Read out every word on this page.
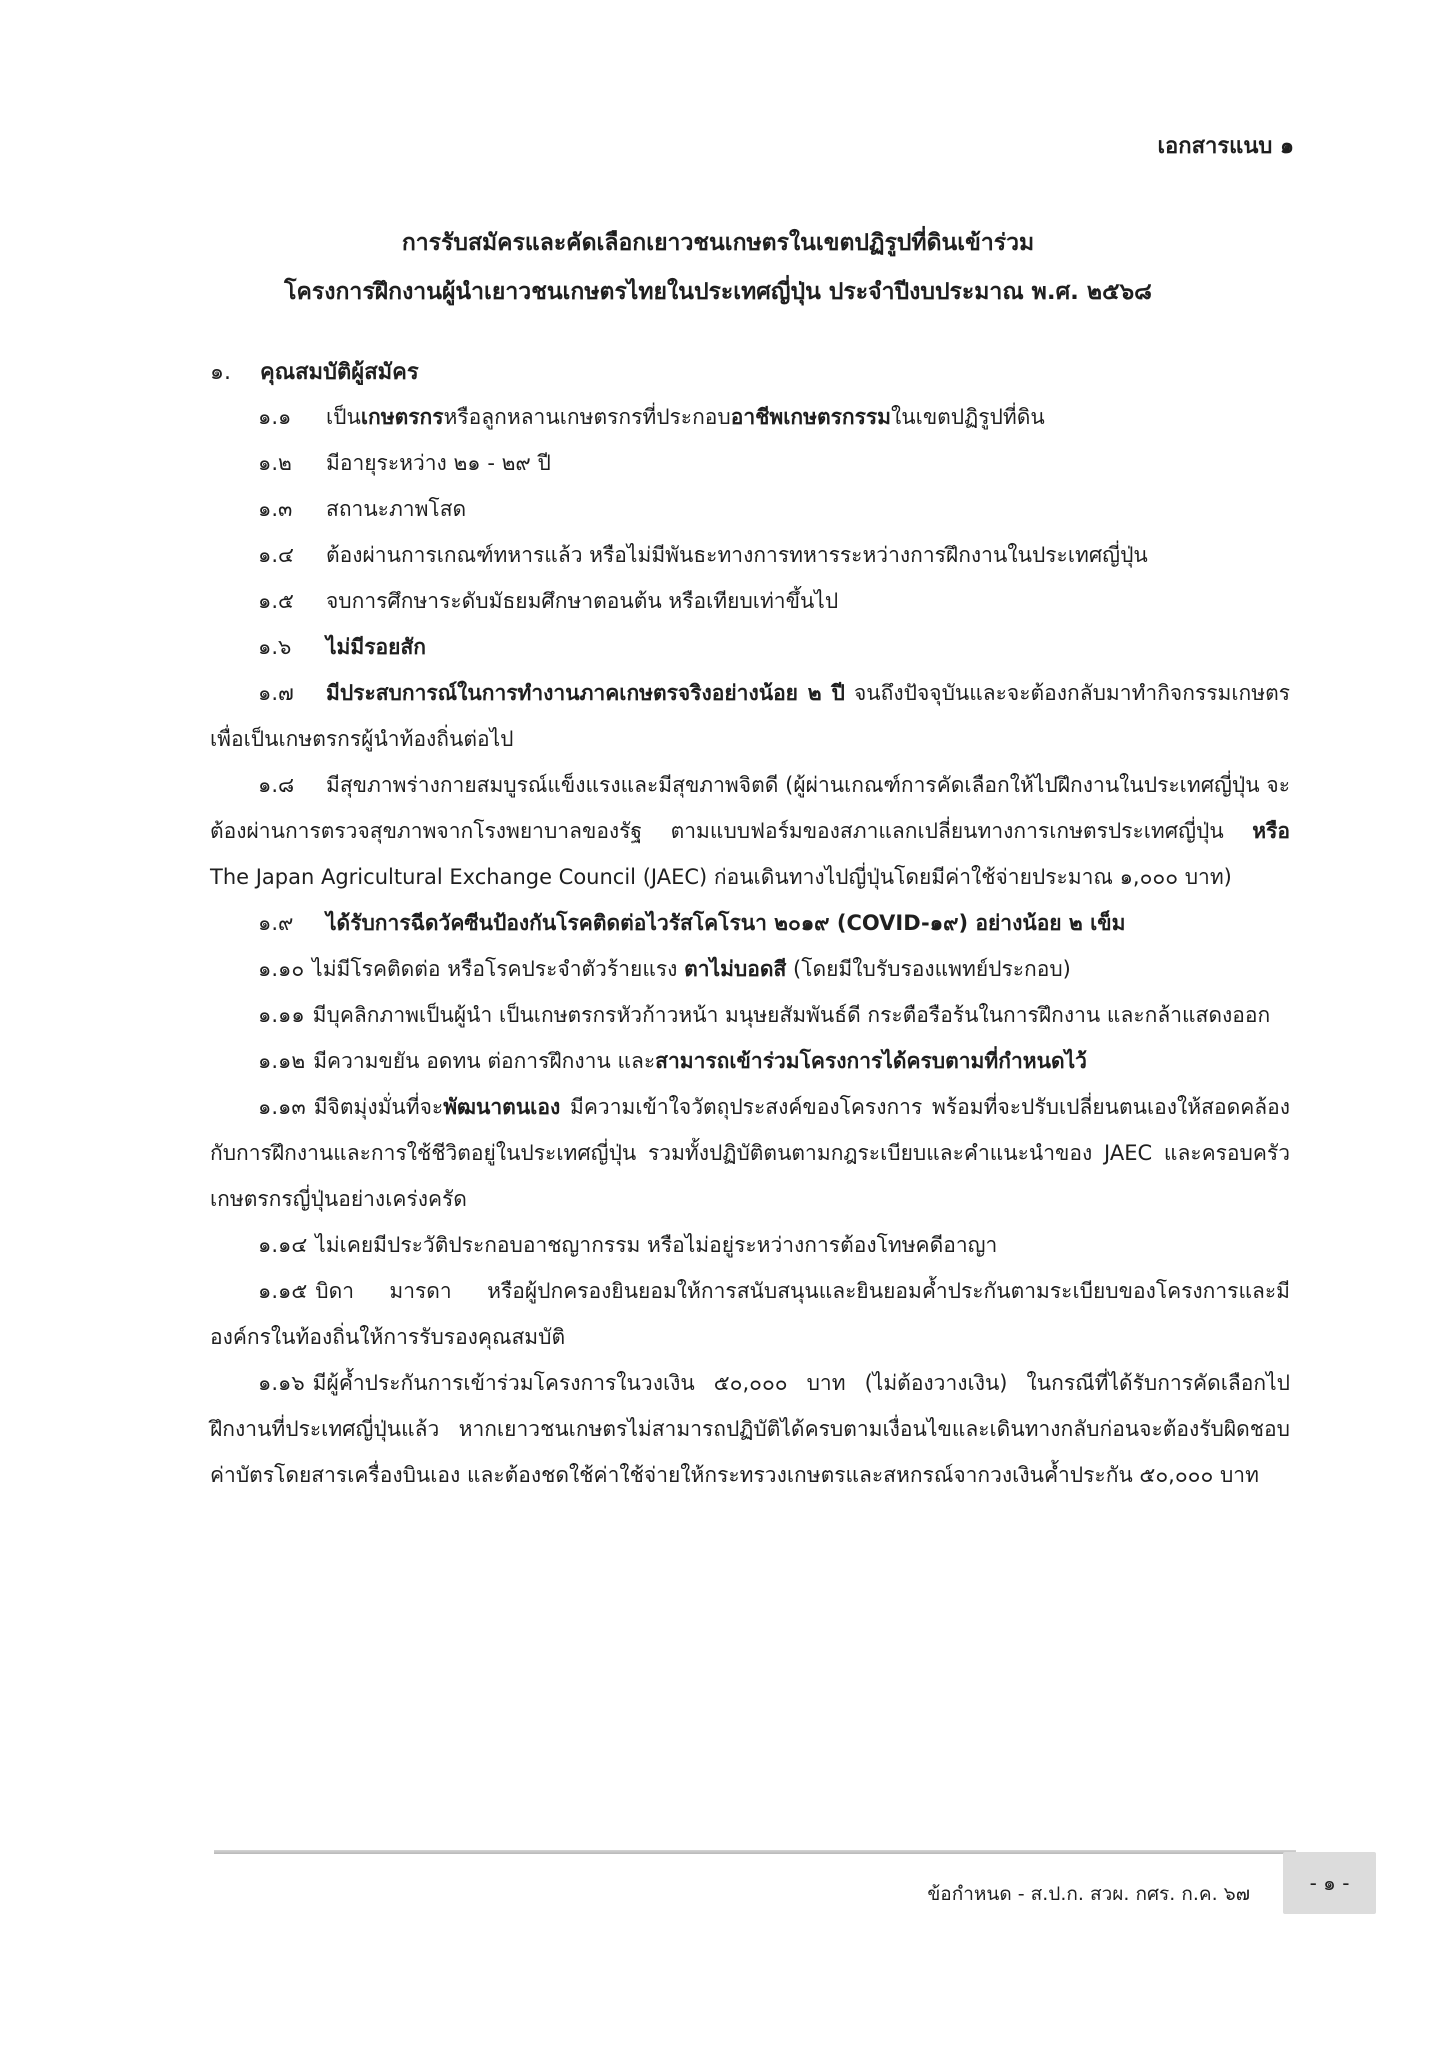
เอกสารแนบ ๑
การรับสมัครและคัดเลือกเยาวชนเกษตรในเขตปฏิรูปที่ดินเข้าร่วม
โครงการฝึกงานผู้นำเยาวชนเกษตรไทยในประเทศญี่ปุ่น ประจำปีงบประมาณ พ.ศ. ๒๕๖๘
๑. คุณสมบัติผู้สมัคร

๑.๑ เป็นเกษตรกรหรือลูกหลานเกษตรกรที่ประกอบอาชีพเกษตรกรรมในเขตปฏิรูปที่ดิน

๑.๒ มีอายุระหว่าง ๒๑ - ๒๙ ปี

๑.๓ สถานะภาพโสด

๑.๔ ต้องผ่านการเกณฑ์ทหารแล้ว หรือไม่มีพันธะทางการทหารระหว่างการฝึกงานในประเทศญี่ปุ่น

๑.๕ จบการศึกษาระดับมัธยมศึกษาตอนต้น หรือเทียบเท่าขึ้นไป

๑.๖ ไม่มีรอยสัก

๑.๗ มีประสบการณ์ในการทำงานภาคเกษตรจริงอย่างน้อย ๒ ปี จนถึงปัจจุบันและจะต้องกลับมาทำกิจกรรมเกษตรเพื่อเป็นเกษตรกรผู้นำท้องถิ่นต่อไป

๑.๘ มีสุขภาพร่างกายสมบูรณ์แข็งแรงและมีสุขภาพจิตดี (ผู้ผ่านเกณฑ์การคัดเลือกให้ไปฝึกงานในประเทศญี่ปุ่น จะต้องผ่านการตรวจสุขภาพจากโรงพยาบาลของรัฐ ตามแบบฟอร์มของสภาแลกเปลี่ยนทางการเกษตรประเทศญี่ปุ่น หรือ The Japan Agricultural Exchange Council (JAEC) ก่อนเดินทางไปญี่ปุ่นโดยมีค่าใช้จ่ายประมาณ ๑,๐๐๐ บาท)

๑.๙ ได้รับการฉีดวัคซีนป้องกันโรคติดต่อไวรัสโคโรนา ๒๐๑๙ (COVID-๑๙) อย่างน้อย ๒ เข็ม

๑.๑๐ ไม่มีโรคติดต่อ หรือโรคประจำตัวร้ายแรง ตาไม่บอดสี (โดยมีใบรับรองแพทย์ประกอบ)

๑.๑๑ มีบุคลิกภาพเป็นผู้นำ เป็นเกษตรกรหัวก้าวหน้า มนุษยสัมพันธ์ดี กระตือรือร้นในการฝึกงาน และกล้าแสดงออก

๑.๑๒ มีความขยัน อดทน ต่อการฝึกงาน และสามารถเข้าร่วมโครงการได้ครบตามที่กำหนดไว้

๑.๑๓ มีจิตมุ่งมั่นที่จะพัฒนาตนเอง มีความเข้าใจวัตถุประสงค์ของโครงการ พร้อมที่จะปรับเปลี่ยนตนเองให้สอดคล้องกับการฝึกงานและการใช้ชีวิตอยู่ในประเทศญี่ปุ่น รวมทั้งปฏิบัติตนตามกฎระเบียบและคำแนะนำของ JAEC และครอบครัวเกษตรกรญี่ปุ่นอย่างเคร่งครัด

๑.๑๔ ไม่เคยมีประวัติประกอบอาชญากรรม หรือไม่อยู่ระหว่างการต้องโทษคดีอาญา

๑.๑๕ บิดา มารดา หรือผู้ปกครองยินยอมให้การสนับสนุนและยินยอมค้ำประกันตามระเบียบของโครงการและมีองค์กรในท้องถิ่นให้การรับรองคุณสมบัติ

๑.๑๖ มีผู้ค้ำประกันการเข้าร่วมโครงการในวงเงิน ๕๐,๐๐๐ บาท (ไม่ต้องวางเงิน) ในกรณีที่ได้รับการคัดเลือกไปฝึกงานที่ประเทศญี่ปุ่นแล้ว หากเยาวชนเกษตรไม่สามารถปฏิบัติได้ครบตามเงื่อนไขและเดินทางกลับก่อนจะต้องรับผิดชอบค่าบัตรโดยสารเครื่องบินเอง และต้องชดใช้ค่าใช้จ่ายให้กระทรวงเกษตรและสหกรณ์จากวงเงินค้ำประกัน ๕๐,๐๐๐ บาท

ข้อกำหนด - ส.ป.ก. สวผ. กศร. ก.ค. ๖๗	- ๑ -
